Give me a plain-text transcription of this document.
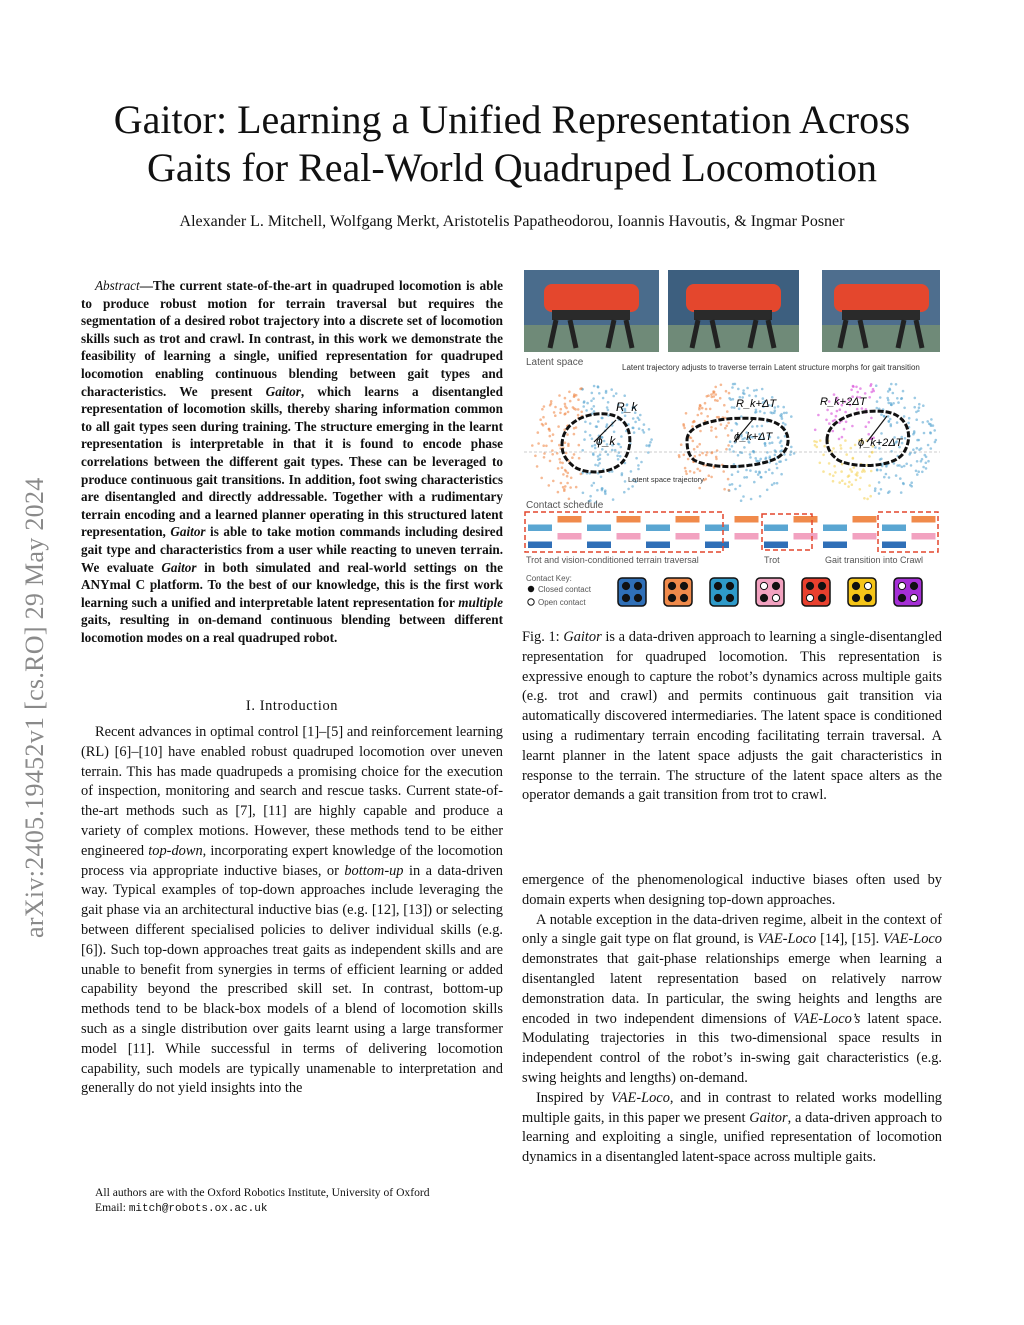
arXiv:2405.19452v1 [cs.RO] 29 May 2024
Gaitor: Learning a Unified Representation Across
Gaits for Real-World Quadruped Locomotion
Alexander L. Mitchell, Wolfgang Merkt, Aristotelis Papatheodorou, Ioannis Havoutis, & Ingmar Posner
Abstract—The current state-of-the-art in quadruped locomotion is able to produce robust motion for terrain traversal but requires the segmentation of a desired robot trajectory into a discrete set of locomotion skills such as trot and crawl. In contrast, in this work we demonstrate the feasibility of learning a single, unified representation for quadruped locomotion enabling continuous blending between gait types and characteristics. We present Gaitor, which learns a disentangled representation of locomotion skills, thereby sharing information common to all gait types seen during training. The structure emerging in the learnt representation is interpretable in that it is found to encode phase correlations between the different gait types. These can be leveraged to produce continuous gait transitions. In addition, foot swing characteristics are disentangled and directly addressable. Together with a rudimentary terrain encoding and a learned planner operating in this structured latent representation, Gaitor is able to take motion commands including desired gait type and characteristics from a user while reacting to uneven terrain. We evaluate Gaitor in both simulated and real-world settings on the ANYmal C platform. To the best of our knowledge, this is the first work learning such a unified and interpretable latent representation for multiple gaits, resulting in on-demand continuous blending between different locomotion modes on a real quadruped robot.
I. Introduction

Recent advances in optimal control [1]–[5] and reinforcement learning (RL) [6]–[10] have enabled robust quadruped locomotion over uneven terrain. This has made quadrupeds a promising choice for the execution of inspection, monitoring and search and rescue tasks. Current state-of-the-art methods such as [7], [11] are highly capable and produce a variety of complex motions. However, these methods tend to be either engineered top-down, incorporating expert knowledge of the locomotion process via appropriate inductive biases, or bottom-up in a data-driven way. Typical examples of top-down approaches include leveraging the gait phase via an architectural inductive bias (e.g. [12], [13]) or selecting between different specialised policies to deliver individual skills (e.g. [6]). Such top-down approaches treat gaits as independent skills and are unable to benefit from synergies in terms of efficient learning or added capability beyond the prescribed skill set. In contrast, bottom-up methods tend to be black-box models of a blend of locomotion skills such as a single distribution over gaits learnt using a large transformer model [11]. While successful in terms of delivering locomotion capability, such models are typically unamenable to interpretation and generally do not yield insights into the

All authors are with the Oxford Robotics Institute, University of Oxford
Email: mitch@robots.ox.ac.uk
Latent space	Latent trajectory adjusts to traverse terrain Latent structure morphs for gait transition
R_k	R_k+ΔT	R_k+2ΔT
ϕ_k	ϕ_k+ΔT	ϕ_k+2ΔT
Latent space trajectory
Contact schedule
Trot and vision-conditioned terrain traversal	Trot	Gait transition into Crawl
Contact Key:
Closed contact
Open contact
Fig. 1: Gaitor is a data-driven approach to learning a single-disentangled representation for quadruped locomotion. This representation is expressive enough to capture the robot’s dynamics across multiple gaits (e.g. trot and crawl) and permits continuous gait transition via automatically discovered intermediaries. The latent space is conditioned using a rudimentary terrain encoding facilitating terrain traversal. A learnt planner in the latent space adjusts the gait characteristics in response to the terrain. The structure of the latent space alters as the operator demands a gait transition from trot to crawl.

emergence of the phenomenological inductive biases often used by domain experts when designing top-down approaches.

A notable exception in the data-driven regime, albeit in the context of only a single gait type on flat ground, is VAE-Loco [14], [15]. VAE-Loco demonstrates that gait-phase relationships emerge when learning a disentangled latent representation based on relatively narrow demonstration data. In particular, the swing heights and lengths are encoded in two independent dimensions of VAE-Loco’s latent space. Modulating trajectories in this two-dimensional space results in independent control of the robot’s in-swing gait characteristics (e.g. swing heights and lengths) on-demand.

Inspired by VAE-Loco, and in contrast to related works modelling multiple gaits, in this paper we present Gaitor, a data-driven approach to learning and exploiting a single, unified representation of locomotion dynamics in a disentangled latent-space across multiple gaits.
